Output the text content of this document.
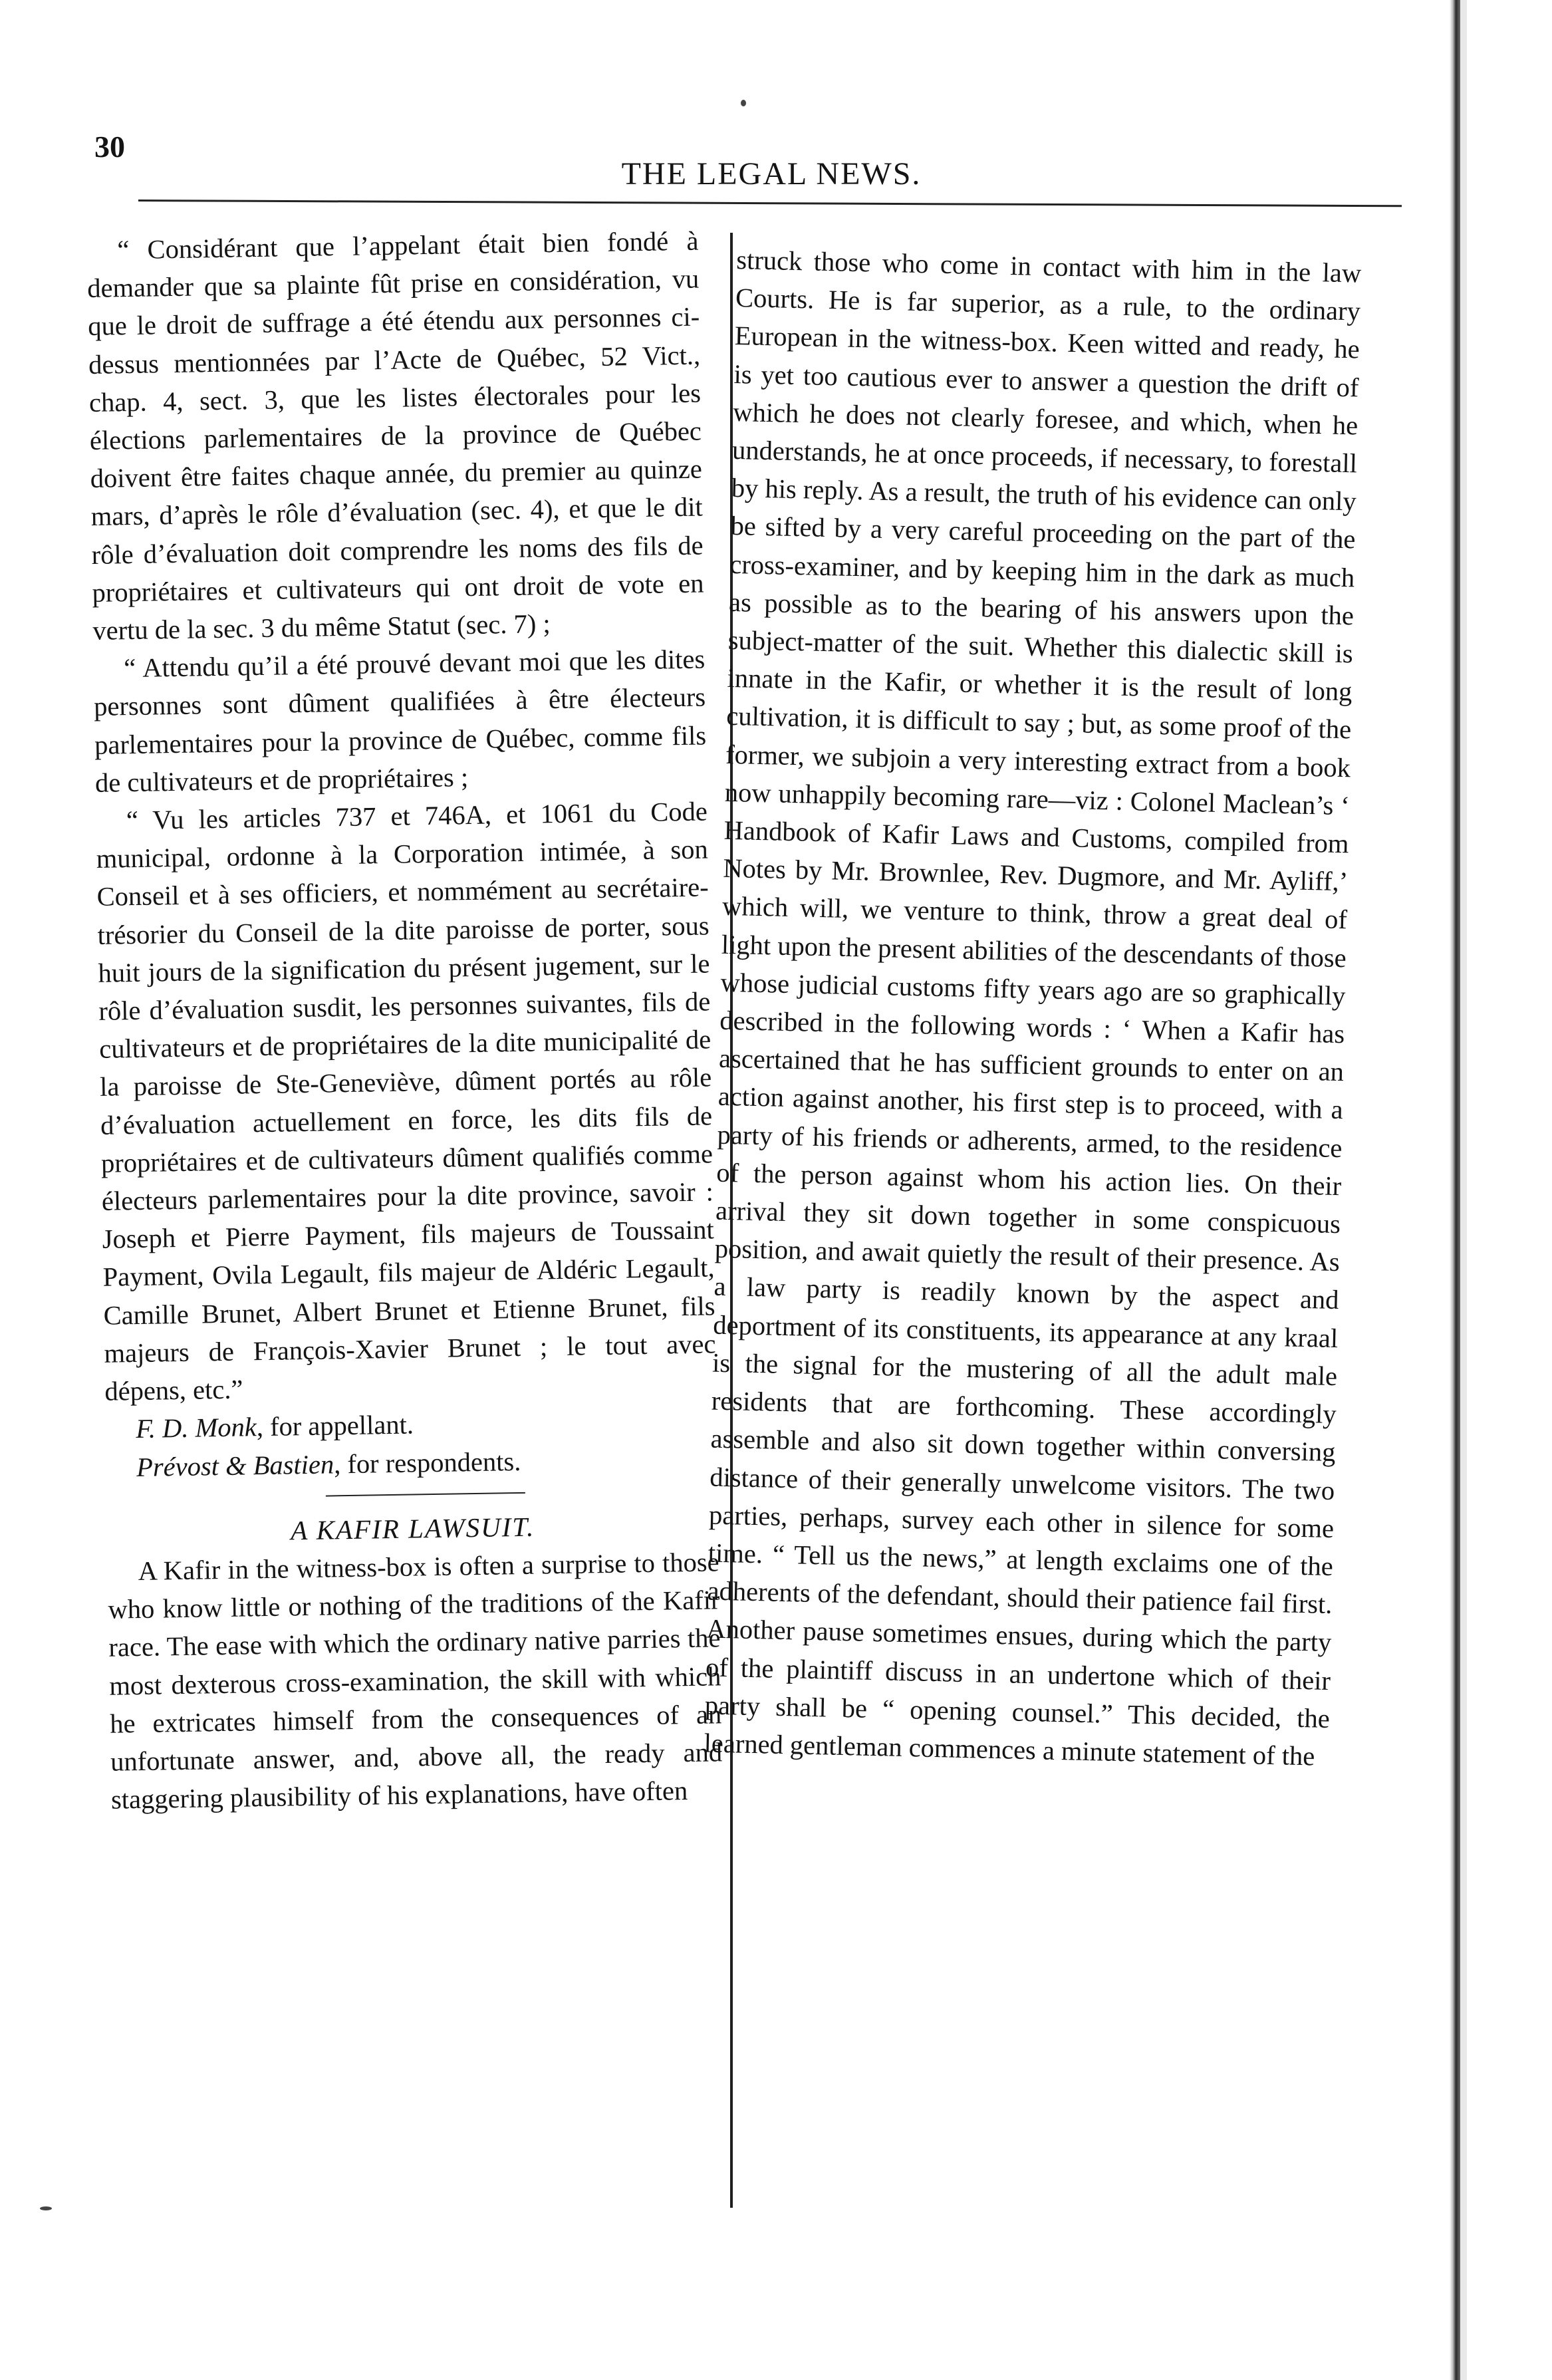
30
THE LEGAL NEWS.

“ Considérant que l’appelant était bien fondé à demander que sa plainte fût prise en considération, vu que le droit de suffrage a été étendu aux personnes ci-dessus mentionnées par l’Acte de Québec, 52 Vict., chap. 4, sect. 3, que les listes électorales pour les élections parlementaires de la province de Québec doivent être faites chaque année, du premier au quinze mars, d’après le rôle d’évaluation (sec. 4), et que le dit rôle d’évaluation doit comprendre les noms des fils de propriétaires et cultivateurs qui ont droit de vote en vertu de la sec. 3 du même Statut (sec. 7) ;

“ Attendu qu’il a été prouvé devant moi que les dites personnes sont dûment qualifiées à être électeurs parlementaires pour la province de Québec, comme fils de cultivateurs et de propriétaires ;

“ Vu les articles 737 et 746A, et 1061 du Code municipal, ordonne à la Corporation intimée, à son Conseil et à ses officiers, et nommément au secrétaire-trésorier du Conseil de la dite paroisse de porter, sous huit jours de la signification du présent jugement, sur le rôle d’évaluation susdit, les personnes suivantes, fils de cultivateurs et de propriétaires de la dite municipalité de la paroisse de Ste-Geneviève, dûment portés au rôle d’évaluation actuellement en force, les dits fils de propriétaires et de cultivateurs dûment qualifiés comme électeurs parlementaires pour la dite province, savoir : Joseph et Pierre Payment, fils majeurs de Toussaint Payment, Ovila Legault, fils majeur de Aldéric Legault, Camille Brunet, Albert Brunet et Etienne Brunet, fils majeurs de François-Xavier Brunet ; le tout avec dépens, etc.”

F. D. Monk, for appellant.

Prévost & Bastien, for respondents.

A KAFIR LAWSUIT.

A Kafir in the witness-box is often a surprise to those who know little or nothing of the traditions of the Kafir race. The ease with which the ordinary native parries the most dexterous cross-examination, the skill with which he extricates himself from the consequences of an unfortunate answer, and, above all, the ready and staggering plausibility of his explanations, have often

struck those who come in contact with him in the law Courts. He is far superior, as a rule, to the ordinary European in the witness-box. Keen witted and ready, he is yet too cautious ever to answer a question the drift of which he does not clearly foresee, and which, when he understands, he at once proceeds, if necessary, to forestall by his reply. As a result, the truth of his evidence can only be sifted by a very careful proceeding on the part of the cross-examiner, and by keeping him in the dark as much as possible as to the bearing of his answers upon the subject-matter of the suit. Whether this dialectic skill is innate in the Kafir, or whether it is the result of long cultivation, it is difficult to say ; but, as some proof of the former, we subjoin a very interesting extract from a book now unhappily becoming rare—viz : Colonel Maclean’s ‘ Handbook of Kafir Laws and Customs, compiled from Notes by Mr. Brownlee, Rev. Dugmore, and Mr. Ayliff,’ which will, we venture to think, throw a great deal of light upon the present abilities of the descendants of those whose judicial customs fifty years ago are so graphically described in the following words : ‘ When a Kafir has ascertained that he has sufficient grounds to enter on an action against another, his first step is to proceed, with a party of his friends or adherents, armed, to the residence of the person against whom his action lies. On their arrival they sit down together in some conspicuous position, and await quietly the result of their presence. As a law party is readily known by the aspect and deportment of its constituents, its appearance at any kraal is the signal for the mustering of all the adult male residents that are forthcoming. These accordingly assemble and also sit down together within conversing distance of their generally unwelcome visitors. The two parties, perhaps, survey each other in silence for some time. “ Tell us the news,” at length exclaims one of the adherents of the defendant, should their patience fail first. Another pause sometimes ensues, during which the party of the plaintiff discuss in an undertone which of their party shall be “ opening counsel.” This decided, the learned gentleman commences a minute statement of the
